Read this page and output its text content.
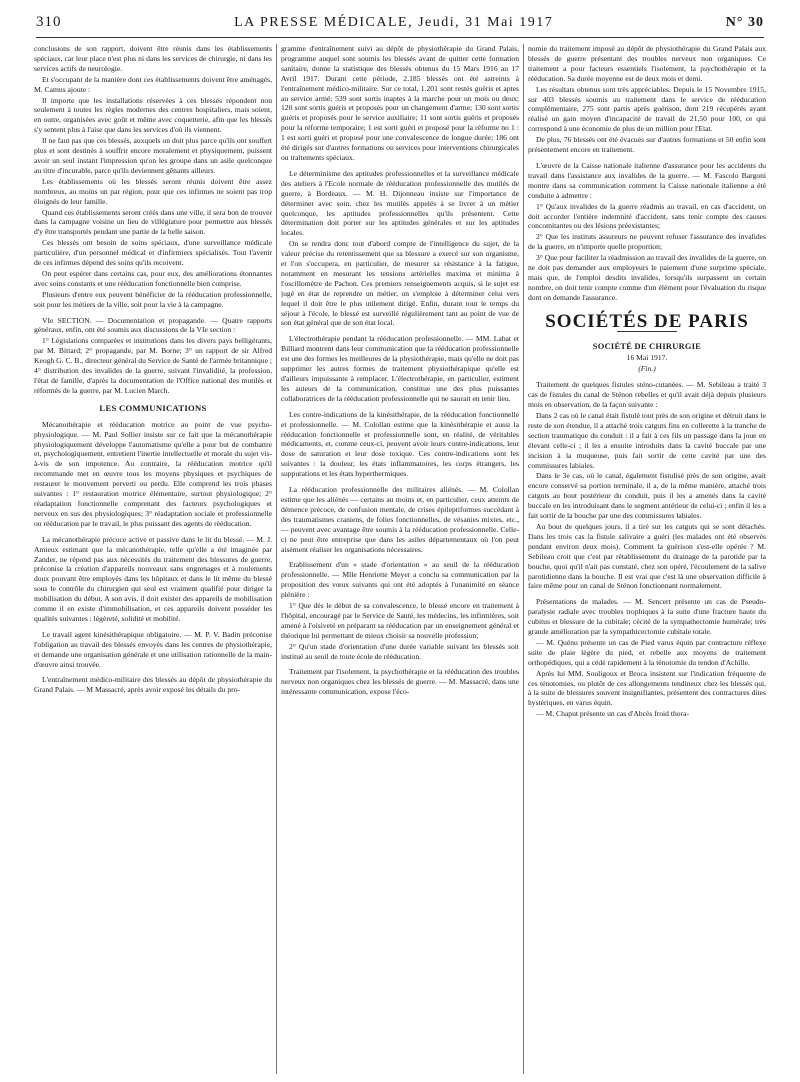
310	LA PRESSE MÉDICALE, Jeudi, 31 Mai 1917	N° 30

conclusions de son rapport, doivent être réunis dans les établissements spéciaux, car leur place n'est plus ni dans les services de chirurgie, ni dans les services actifs de neurologie.

Et s'occupant de la manière dont ces établissements doivent être aménagés, M. Camus ajoute :

Il importe que les installations réservées à ces blessés répondent non seulement à toutes les règles modernes des centres hospitaliers, mais soient, en outre, organisées avec goût et même avec coquetterie, afin que les blessés s'y sentent plus à l'aise que dans les services d'où ils viennent.

Il ne faut pas que ces blessés, auxquels on doit plus parce qu'ils ont souffert plus et sont destinés à souffrir encore moralement et physiquement, puissent avoir un seul instant l'impression qu'on les groupe dans un asile quelconque au titre d'incurable, parce qu'ils deviennent gênants ailleurs.

Les établissements où les blessés seront réunis doivent être assez nombreux, au moins un par région, pour que ces infirmes ne soient pas trop éloignés de leur famille.

Quand ces établissements seront créés dans une ville, il sera bon de trouver dans la campagne voisine un lieu de villégiature pour permettre aux blessés d'y être transportés pendant une partie de la belle saison.

Ces blessés ont besoin de soins spéciaux, d'une surveillance médicale particulière, d'un personnel médical et d'infirmiers spécialisés. Tout l'avenir de ces infirmes dépend des soins qu'ils recoivent.

On peut espérer dans certains cas, pour eux, des améliorations étonnantes avec soins constants et une rééducation fonctionnelle bien comprise.

Plusieurs d'entre eux peuvent bénéficier de la rééducation professionnelle, soit pour les métiers de la ville, soit pour la vie à la campagne.

VIe SECTION. — Documentation et propagande. — Quatre rapports généraux, enfin, ont été soumis aux discussions de la VIe section :

1° Législations comparées et institutions dans les divers pays belligérants, par M. Bittard; 2° propagande, par M. Borne; 3° un rapport de sir Alfred Keogh G. C. B., directeur général du Service de Santé de l'armée britannique ; 4° distribution des invalides de la guerre, suivant l'invalidité, la profession, l'état de famille, d'après la documentation de l'Office national des mutilés et réformés de la guerre, par M. Lucien March.

LES COMMUNICATIONS

Mécanothérapie et rééducation motrice au point de vue psycho-physiologique. — M. Paul Sollier insiste sur ce fait que la mécanothérapie physiologiquement développe l'automatisme qu'elle a pour but de combattre et, psychologiquement, entretient l'inertie intellectuelle et morale du sujet vis-à-vis de son impotence. Au contraire, la rééducation motrice qu'il recommande met en œuvre tous les moyens physiques et psychiques de restaurer le mouvement perverti ou perdu. Elle comprend les trois phases suivantes : 1° restauration motrice élémentaire, surtout physiologique; 2° réadaptation fonctionnelle comprenant des facteurs psychologiques et nerveux en sus des physiologiques; 3° réadaptation sociale et professionnelle ou rééducation par le travail, le plus puissant des agents de rééducation.

La mécanothérapie précoce active et passive dans le lit du blessé. — M. J. Amieux estimant que la mécanothérapie, telle qu'elle a été imaginée par Zander, ne répond pas aux nécessités du traitement des blessures de guerre, préconise la création d'appareils nouveaux sans engrenages et à roulements doux pouvant être employés dans les hôpitaux et dans le lit même du blessé sous le contrôle du chirurgien qui seul est vraiment qualifié pour diriger la mobilisation du début. A son avis, il doit exister des appareils de mobilisation comme il en existe d'immobilisation, et ces appareils doivent posséder les qualités suivantes : légèreté, solidité et mobilité.

Le travail agent kinésithérapique obligatoire. — M. P. V. Badin préconise l'obligation au travail des blessés envoyés dans les centres de physiothérapie, et demande une organisation générale et une utilisation rationnelle de la main-d'œuvre ainsi trouvée.

L'entraînement médico-militaire des blessés au dépôt de physiothérapie du Grand Palais. — M Massacré, après avoir exposé les détails du pro-

gramme d'entraînement suivi au dépôt de physiothérapie du Grand Palais, programme auquel sont soumis les blessés avant de quitter cette formation sanitaire, donne la statistique des blessés obtenus du 15 Mars 1916 au 17 Avril 1917. Durant cette période, 2.185 blessés ont été astreints à l'entraînement médico-militaire. Sur ce total, 1.201 sont restés guéris et aptes au service armé; 539 sont sortis inaptes à la marche pour un mois ou deux; 120 sont sortis guéris et proposés pour un changement d'arme; 130 sont sortis guéris et proposés pour le service auxiliaire; 11 sont sortis guéris et proposés pour la réforme temporaire; 1 est sorti guéri et proposé pour la réforme no 1 : 1 est sorti guéri et proposé pour une convalescence de longue durée; 186 ont été dirigés sur d'autres formations ou services pour interventions chirurgicales ou traitements spéciaux.

Le déterminisme des aptitudes professionnelles et la surveillance médicale des ateliers à l'Ecole normale de rééducation professionnelle des mutilés de guerre, à Bordeaux. — M. H. Dijonneau insiste sur l'importance de déterminer avec soin, chez les mutilés appelés à se livrer à un métier quelconque, les aptitudes professionnelles qu'ils présentent. Cette détermination doit porter sur les aptitudes générales et sur les aptitudes locales.

On se rendra donc tout d'abord compte de l'intelligence du sujet, de la valeur précise du retentissement que sa blessure a exercé sur son organisme, et l'on s'occupera, en particulier, de mesurer sa résistance à la fatigue, notamment en mesurant les tensions artérielles maxima et minima à l'oscillomètre de Pachon. Ces premiers renseignements acquis, si le sujet est jugé en état de reprendre un métier, on s'emploie à déterminer celui vers lequel il doit être le plus utilement dirigé. Enfin, durant tout le temps du séjour à l'école, le blessé est surveillé régulièrement tant au point de vue de son état général que de son état local.

L'électrothérapie pendant la rééducation professionnelle. — MM. Labat et Billiard montrent dans leur communication que la rééducation professionnelle est une des formes les meilleures de la physiothérapie, mais qu'elle ne doit pas supprimer les autres formes de traitement physiothérapique qu'elle est d'ailleurs impuissante à remplacer. L'électrothérapie, en particulier, estiment les auteurs de la communication, constitue une des plus puissantes collaboratrices de la rééducation professionnelle qui ne saurait en tenir lieu.

Les contre-indications de la kinésithérapie, de la rééducation fonctionnelle et professionnelle. — M. Colollan estime que la kinésithérapie et aussi la rééducation fonctionnelle et professionnelle sont, en réalité, de véritables médicaments, et, comme ceux-ci, peuvent avoir leurs contre-indications, leur dose de saturation et leur dose toxique. Ces contre-indications sont les suivantes : la douleur, les états inflammatoires, les corps étrangers, les suppurations et les états hyperthermiques.

La rééducation professionnelle des militaires aliénés. — M. Colollan estime que les aliénés — certains au moins et, en particulier, ceux atteints de démence précoce, de confusion mentale, de crises épileptiformes succédant à des traumatismes craniens, de folies fonctionnelles, de vésanies mixtes, etc., — peuvent avec avantage être soumis à la rééducation professionnelle. Celle-ci ne peut être entreprise que dans les asiles départementaux où l'on peut aisément réaliser les organisations nécessaires.

Etablissement d'un « stade d'orientation » au seuil de la rééducation professionnelle. — Mlle Henriette Meyer a conclu sa communication par la proposition des vœux suivants qui ont été adoptés à l'unanimité en séance plénière :

1° Que dès le début de sa convalescence, le blessé encore en traitement à l'hôpital, encouragé par le Service de Santé, les médecins, les infirmières, soit amené à l'oisiveté en préparant sa rééducation par un enseignement général et théorique lui permettant de mieux choisir sa nouvelle profession;

2° Qu'un stade d'orientation d'une durée variable suivant les blessés soit institué au seuil de toute école de rééducation.

Traitement par l'isolement, la psychothérapie et la rééducation des troubles nerveux non organiques chez les blessés de guerre. — M. Massacré, dans une intéressante communication, expose l'éco-

nomie du traitement imposé au dépôt de physiothérapie du Grand Palais aux blessés de guerre présentant des troubles nerveux non organiques. Ce traitement a pour facteurs essentiels l'isolement, la psychothérapie et la rééducation. Sa durée moyenne est de deux mois et demi.

Les résultats obtenus sont très appréciables. Depuis le 15 Novembre 1915, sur 403 blessés soumis au traitement dans le service de rééducation complémentaire, 275 sont partis après guérison, dont 219 récupérés ayant réalisé un gain moyen d'incapacité de travail de 21,50 pour 100, ce qui correspond à une économie de plus de un million pour l'Etat.

De plus, 76 blessés ont été évacués sur d'autres formations et 50 enfin sont présentement encore en traitement.

L'œuvre de la Caisse nationale italienne d'assurance pour les accidents du travail dans l'assistance aux invalides de la guerre. — M. Fascolo Bargoni montre dans sa communication comment la Caisse nationale italienne a été conduite à admettre :

1° Qu'aux invalides de la guerre réadmis au travail, en cas d'accident, on doit accorder l'entière indemnité d'accident, sans tenir compte des causes concomitantes ou des lésions préexistantes;

2° Que les instituts assureurs ne peuvent refuser l'assurance des invalides de la guerre, en n'importe quelle proportion;

3° Que pour faciliter la réadmission au travail des invalides de la guerre, on ne doit pas demander aux employeurs le paiement d'une surprime spéciale, mais que, de l'emploi desdits invalides, lorsqu'ils surpassent un certain nombre, on doit tenir compte comme d'un élément pour l'évaluation du risque dont on demande l'assurance.

SOCIÉTÉS DE PARIS
SOCIÉTÉ DE CHIRURGIE

16 Mai 1917.

(Fin.)

Traitement de quelques fistules sténo-cutanées. — M. Sebileau a traité 3 cas de fistules du canal de Sténon rebelles et qu'il avait déjà depuis plusieurs mois en observation, de la façon suivante :

Dans 2 cas où le canal était fistulé tout près de son origine et détruit dans le reste de son étendue, il a attaché trois catguts fins en collerette à la tranche de section traumatique du conduit : il a fait à ces fils un passage dans la joue en élevant celle-ci ; il les a ensuite introduits dans la cavité buccale par une incision à la muqueuse, puis fait sortir de cette cavité par une des commissures labiales.

Dans le 3e cas, où le canal, également fistulisé près de son origine, avait encore conservé sa portion terminale, il a, de la même manière, attaché trois catguts au bout postérieur du conduit, puis il les a amenés dans la cavité buccale en les introduisant dans le segment antérieur de celui-ci ; enfin il les a fait sortir de la bouche par une des commissures labiales.

Au bout de quelques jours, il a tiré sur les catguts qui se sont détachés. Dans les trois cas la fistule salivaire a guéri (les malades ont été observés pendant environ deux mois). Comment la guérison s'est-elle opérée ? M. Sebileau croit que c'est par rétablissement du drainage de la parotide par la bouche, quoi qu'il n'ait pas constaté, chez son opéré, l'écoulement de la salive parotidienne dans la bouche. Il est vrai que c'est là une observation difficile à faire même pour un canal de Sténon fonctionnant normalement.

Présentations de malades. — M. Sencert présente un cas de Pseudo-paralysie radiale avec troubles trophiques à la suite d'une fracture haute du cubitus et blessure de la cubitale; cécité de la sympathectomie humérale; très grande amélioration par la sympathicectomie cubitale totale.

— M. Quénu présente un cas de Pied varus équin par contracture réflexe suite de plaie légère du pied, et rebelle aux moyens de traitement orthopédiques, qui a cédé rapidement à la ténotomie du tendon d'Achille.

Après lui MM. Souligoux et Broca insistent sur l'indication fréquente de ces ténotomies, ou plutôt de ces allongements tendineux chez les blessés qui, à la suite de blessures souvent insignifiantes, présentent des contractures dites hystériques, en varus équin.

— M. Chaput présente un cas d'Abcès froid thora-
